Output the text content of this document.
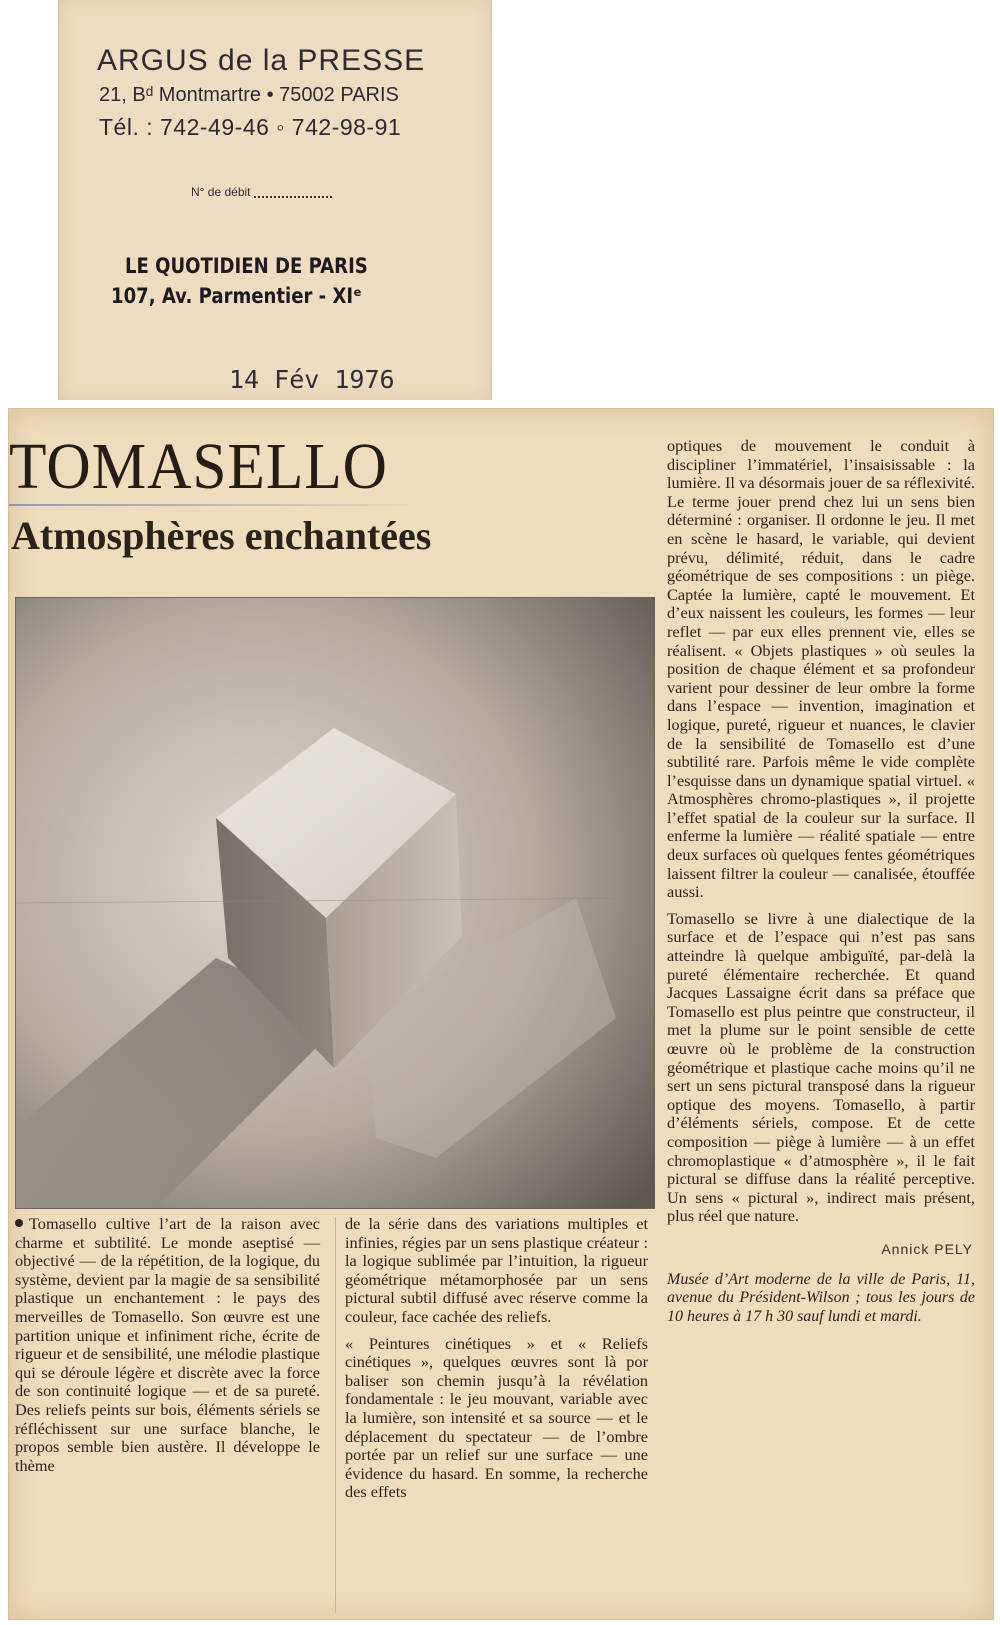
ARGUS de la PRESSE
21, Bᵈ Montmartre • 75002 PARIS
Tél. : 742-49-46 ◦ 742-98-91
N° de débit
LE QUOTIDIEN DE PARIS
107, Av. Parmentier - XIᵉ
14 Fév 1976
TOMASELLO
Atmosphères enchantées

Tomasello cultive l’art de la raison avec charme et subtilité. Le monde aseptisé — objectivé — de la répétition, de la logique, du système, devient par la magie de sa sensibilité plastique un enchantement : le pays des merveilles de Tomasello. Son œuvre est une partition unique et infiniment riche, écrite de rigueur et de sensibilité, une mélodie plastique qui se déroule légère et discrète avec la force de son continuité logique — et de sa pureté. Des reliefs peints sur bois, éléments sériels se réfléchissent sur une surface blanche, le propos semble bien austère. Il développe le thème

de la série dans des variations multiples et infinies, régies par un sens plastique créateur : la logique sublimée par l’intuition, la rigueur géométrique métamorphosée par un sens pictural subtil diffusé avec réserve comme la couleur, face cachée des reliefs.

« Peintures cinétiques » et « Reliefs cinétiques », quelques œuvres sont là por baliser son chemin jusqu’à la révélation fondamentale : le jeu mouvant, variable avec la lumière, son intensité et sa source — et le déplacement du spectateur — de l’ombre portée par un relief sur une surface — une évidence du hasard. En somme, la recherche des effets

optiques de mouvement le conduit à discipliner l’immatériel, l’insaisissable : la lumière. Il va désormais jouer de sa réflexivité. Le terme jouer prend chez lui un sens bien déterminé : organiser. Il ordonne le jeu. Il met en scène le hasard, le variable, qui devient prévu, délimité, réduit, dans le cadre géométrique de ses compositions : un piège. Captée la lumière, capté le mouvement. Et d’eux naissent les couleurs, les formes — leur reflet — par eux elles prennent vie, elles se réalisent. « Objets plastiques » où seules la position de chaque élément et sa profondeur varient pour dessiner de leur ombre la forme dans l’espace — invention, imagination et logique, pureté, rigueur et nuances, le clavier de la sensibilité de Tomasello est d’une subtilité rare. Parfois même le vide complète l’esquisse dans un dynamique spatial virtuel. « Atmosphères chromo-plastiques », il projette l’effet spatial de la couleur sur la surface. Il enferme la lumière — réalité spatiale — entre deux surfaces où quelques fentes géométriques laissent filtrer la couleur — canalisée, étouffée aussi.

Tomasello se livre à une dialectique de la surface et de l’espace qui n’est pas sans atteindre là quelque ambiguïté, par-delà la pureté élémentaire recherchée. Et quand Jacques Lassaigne écrit dans sa préface que Tomasello est plus peintre que constructeur, il met la plume sur le point sensible de cette œuvre où le problème de la construction géométrique et plastique cache moins qu’il ne sert un sens pictural transposé dans la rigueur optique des moyens. Tomasello, à partir d’éléments sériels, compose. Et de cette composition — piège à lumière — à un effet chromoplastique « d’atmosphère », il le fait pictural se diffuse dans la réalité perceptive. Un sens « pictural », indirect mais présent, plus réel que nature.

Annick PELY

Musée d’Art moderne de la ville de Paris, 11, avenue du Président-Wilson ; tous les jours de 10 heures à 17 h 30 sauf lundi et mardi.
